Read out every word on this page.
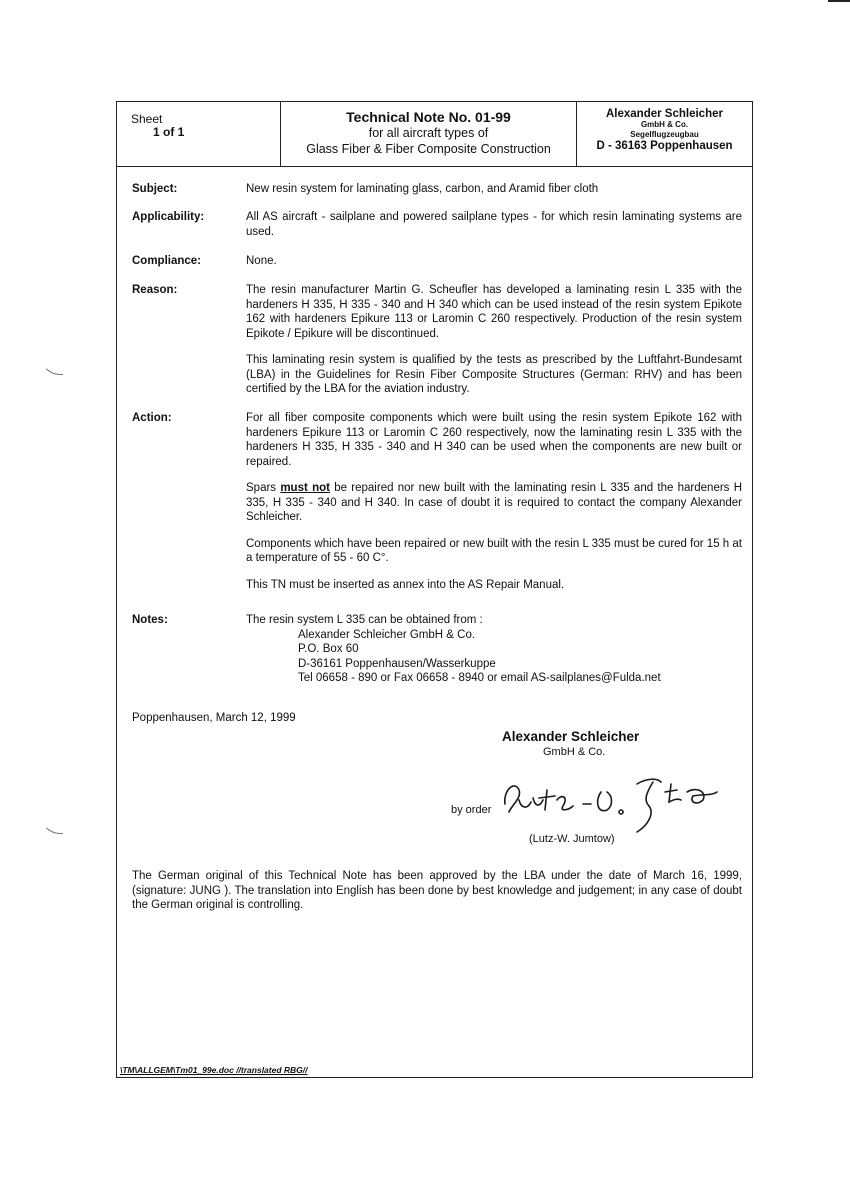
Sheet
1 of 1
Technical Note No. 01-99
for all aircraft types of
Glass Fiber & Fiber Composite Construction
Alexander Schleicher
GmbH & Co.
Segelflugzeugbau
D - 36163 Poppenhausen
Subject:	New resin system for laminating glass, carbon, and Aramid fiber cloth
Applicability:	All AS aircraft - sailplane and powered sailplane types - for which resin laminating systems are used.
Compliance:	None.
Reason:	The resin manufacturer Martin G. Scheufler has developed a laminating resin L 335 with the hardeners H 335, H 335 - 340 and H 340 which can be used instead of the resin system Epikote 162 with hardeners Epikure 113 or Laromin C 260 respectively. Production of the resin system Epikote / Epikure will be discontinued.

This laminating resin system is qualified by the tests as prescribed by the Luftfahrt-Bundesamt (LBA) in the Guidelines for Resin Fiber Composite Structures (German: RHV) and has been certified by the LBA for the aviation industry.

Action:	For all fiber composite components which were built using the resin system Epikote 162 with hardeners Epikure 113 or Laromin C 260 respectively, now the laminating resin L 335 with the hardeners H 335, H 335 - 340 and H 340 can be used when the components are new built or repaired.

Spars must not be repaired nor new built with the laminating resin L 335 and the hardeners H 335, H 335 - 340 and H 340. In case of doubt it is required to contact the company Alexander Schleicher.

Components which have been repaired or new built with the resin L 335 must be cured for 15 h at a temperature of 55 - 60 C°.

This TN must be inserted as annex into the AS Repair Manual.

Notes:	The resin system L 335 can be obtained from :
Alexander Schleicher GmbH & Co.
P.O. Box 60
D-36161 Poppenhausen/Wasserkuppe
Tel 06658 - 890 or Fax 06658 - 8940 or email AS-sailplanes@Fulda.net
Poppenhausen, March 12, 1999
Alexander Schleicher
GmbH & Co.
by order
(Lutz-W. Jumtow)
The German original of this Technical Note has been approved by the LBA under the date of March 16, 1999, (signature: JUNG ). The translation into English has been done by best knowledge and judgement; in any case of doubt the German original is controlling.
\TM\ALLGEM\Tm01_99e.doc //translated RBG//
